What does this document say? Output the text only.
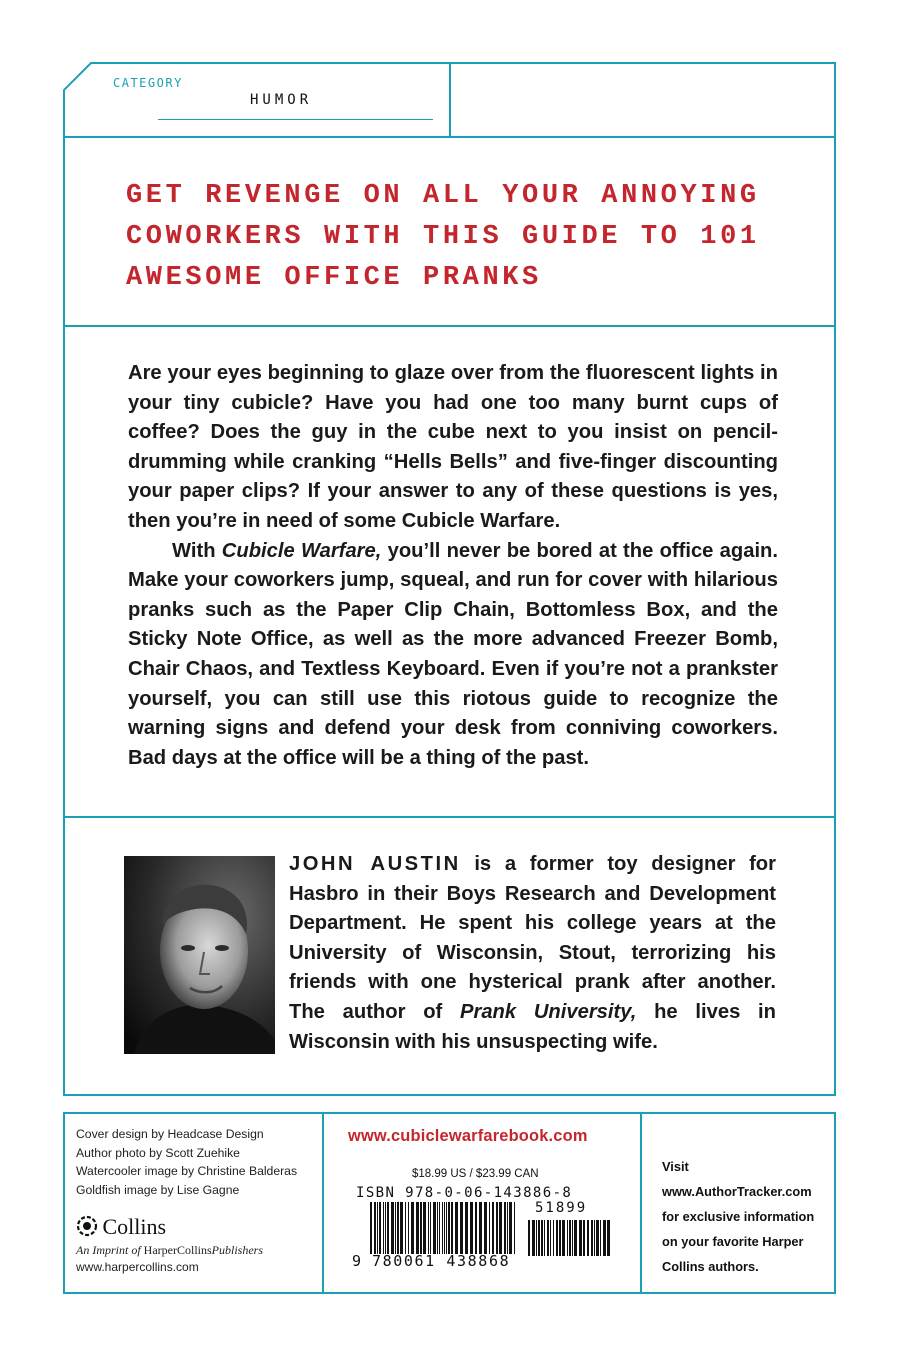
CATEGORY
HUMOR
GET REVENGE ON ALL YOUR ANNOYING
COWORKERS WITH THIS GUIDE TO 101
AWESOME OFFICE PRANKS

Are your eyes beginning to glaze over from the fluorescent lights in your tiny cubicle? Have you had one too many burnt cups of coffee? Does the guy in the cube next to you insist on pencil-drumming while cranking “Hells Bells” and five-finger discounting your paper clips? If your answer to any of these questions is yes, then you’re in need of some Cubicle Warfare.

With Cubicle Warfare, you’ll never be bored at the office again. Make your coworkers jump, squeal, and run for cover with hilarious pranks such as the Paper Clip Chain, Bottomless Box, and the Sticky Note Office, as well as the more advanced Freezer Bomb, Chair Chaos, and Textless Keyboard. Even if you’re not a prankster yourself, you can still use this riotous guide to recognize the warning signs and defend your desk from conniving coworkers. Bad days at the office will be a thing of the past.

JOHN AUSTIN is a former toy designer for Hasbro in their Boys Research and Development Department. He spent his college years at the University of Wisconsin, Stout, terrorizing his friends with one hysterical prank after another. The author of Prank University, he lives in Wisconsin with his unsuspecting wife.
Cover design by Headcase Design
Author photo by Scott Zuehike
Watercooler image by Christine Balderas
Goldfish image by Lise Gagne
Collins
An Imprint of HarperCollinsPublishers
www.harpercollins.com
www.cubiclewarfarebook.com
$18.99 US / $23.99 CAN
ISBN 978-0-06-143886-8
51899
9 780061 438868
Visit
www.AuthorTracker.com
for exclusive information
on your favorite Harper
Collins authors.
